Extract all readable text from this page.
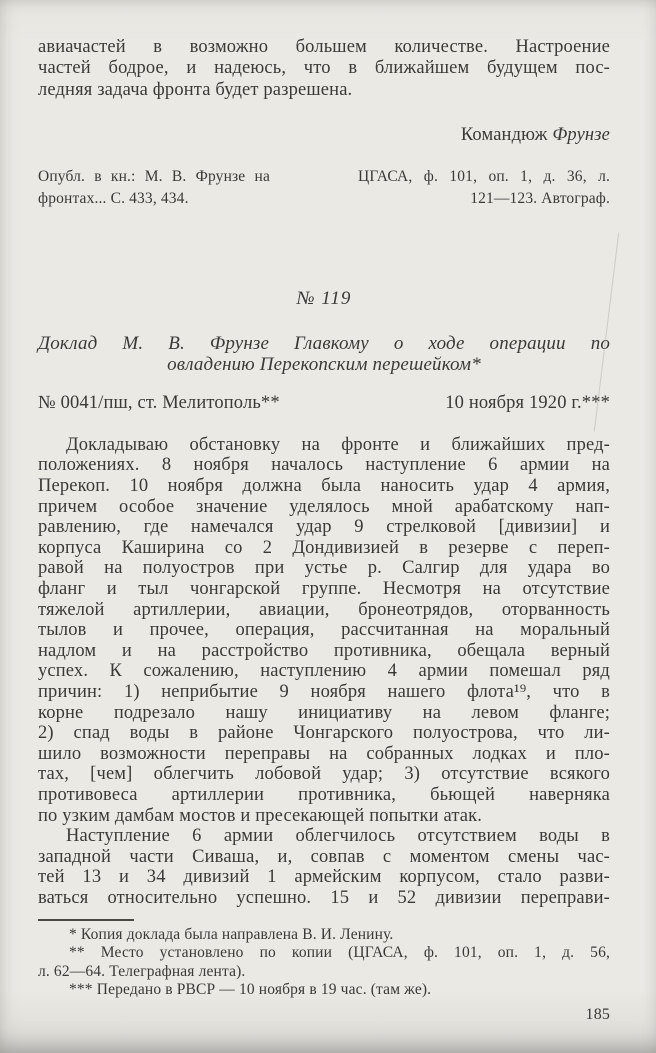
авиачастей в возможно большем количестве. Настроение
частей бодрое, и надеюсь, что в ближайшем будущем пос-
ледняя задача фронта будет разрешена.
Командюж Фрунзе
Опубл. в кн.: М. В. Фрунзе на
фронтах... С. 433, 434.
ЦГАСА, ф. 101, оп. 1, д. 36, л.
121—123. Автограф.
№ 119
Доклад М. В. Фрунзе Главкому о ходе операции по
овладению Перекопским перешейком*
№ 0041/пш, ст. Мелитополь**	10 ноября 1920 г.***
Докладываю обстановку на фронте и ближайших пред-
положениях. 8 ноября началось наступление 6 армии на
Перекоп. 10 ноября должна была наносить удар 4 армия,
причем особое значение уделялось мной арабатскому нап-
равлению, где намечался удар 9 стрелковой [дивизии] и
корпуса Каширина со 2 Дондивизией в резерве с переп-
равой на полуостров при устье р. Салгир для удара во
фланг и тыл чонгарской группе. Несмотря на отсутствие
тяжелой артиллерии, авиации, бронеотрядов, оторванность
тылов и прочее, операция, рассчитанная на моральный
надлом и на расстройство противника, обещала верный
успех. К сожалению, наступлению 4 армии помешал ряд
причин: 1) неприбытие 9 ноября нашего флота¹⁹, что в
корне подрезало нашу инициативу на левом фланге;
2) спад воды в районе Чонгарского полуострова, что ли-
шило возможности переправы на собранных лодках и пло-
тах, [чем] облегчить лобовой удар; 3) отсутствие всякого
противовеса артиллерии противника, бьющей наверняка
по узким дамбам мостов и пресекающей попытки атак.
Наступление 6 армии облегчилось отсутствием воды в
западной части Сиваша, и, совпав с моментом смены час-
тей 13 и 34 дивизий 1 армейским корпусом, стало разви-
ваться относительно успешно. 15 и 52 дивизии переправи-
* Копия доклада была направлена В. И. Ленину.
** Место установлено по копии (ЦГАСА, ф. 101, оп. 1, д. 56,
л. 62—64. Телеграфная лента).
*** Передано в РВСР — 10 ноября в 19 час. (там же).
185
